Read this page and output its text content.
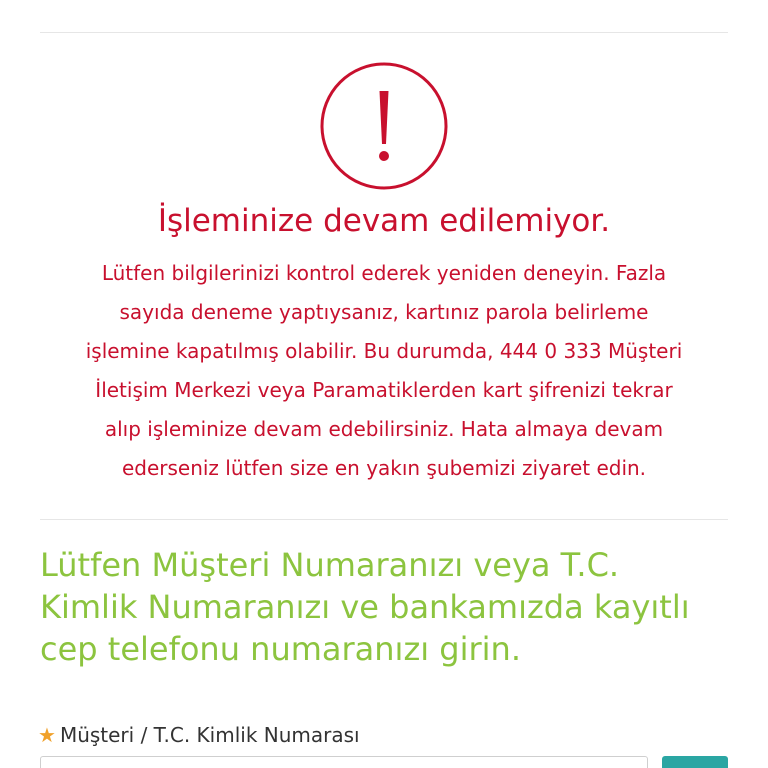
İşleminize devam edilemiyor.
Lütfen bilgilerinizi kontrol ederek yeniden deneyin. Fazla
sayıda deneme yaptıysanız, kartınız parola belirleme
işlemine kapatılmış olabilir. Bu durumda, 444 0 333 Müşteri
İletişim Merkezi veya Paramatiklerden kart şifrenizi tekrar
alıp işleminize devam edebilirsiniz. Hata almaya devam
ederseniz lütfen size en yakın şubemizi ziyaret edin.
Lütfen Müşteri Numaranızı veya T.C.
Kimlik Numaranızı ve bankamızda kayıtlı
cep telefonu numaranızı girin.
★ Müşteri / T.C. Kimlik Numarası
